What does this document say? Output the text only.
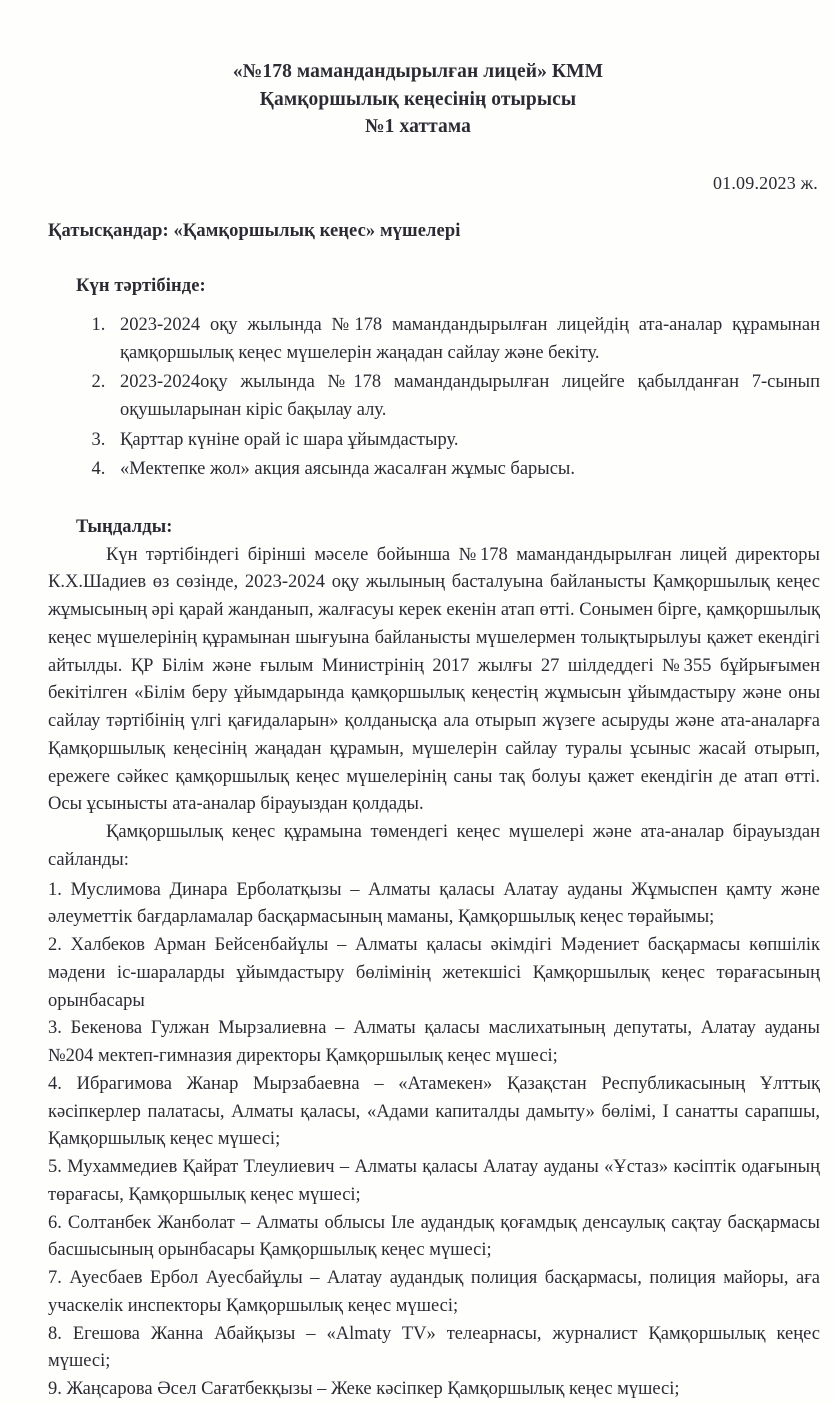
«№178 мамандандырылған лицей» КММ
Қамқоршылық кеңесінің отырысы
№1 хаттама
01.09.2023 ж.
Қатысқандар: «Қамқоршылық кеңес» мүшелері
Күн тәртібінде:
1. 2023-2024 оқу жылында №178 мамандандырылған лицейдің ата-аналар құрамынан қамқоршылық кеңес мүшелерін жаңадан сайлау және бекіту.
2. 2023-2024оқу жылында №178 мамандандырылған лицейге қабылданған 7-сынып оқушыларынан кіріс бақылау алу.
3. Қарттар күніне орай іс шара ұйымдастыру.
4. «Мектепке жол» акция аясында жасалған жұмыс барысы.
Тыңдалды:

Күн тәртібіндегі бірінші мәселе бойынша №178 мамандандырылған лицей директоры К.Х.Шадиев өз сөзінде, 2023-2024 оқу жылының басталуына байланысты Қамқоршылық кеңес жұмысының әрі қарай жанданып, жалғасуы керек екенін атап өтті. Сонымен бірге, қамқоршылық кеңес мүшелерінің құрамынан шығуына байланысты мүшелермен толықтырылуы қажет екендігі айтылды. ҚР Білім және ғылым Министрінің 2017 жылғы 27 шілдеддегі №355 бұйрығымен бекітілген «Білім беру ұйымдарында қамқоршылық кеңестің жұмысын ұйымдастыру және оны сайлау тәртібінің үлгі қағидаларын» қолданысқа ала отырып жүзеге асыруды және ата-аналарға Қамқоршылық кеңесінің жаңадан құрамын, мүшелерін сайлау туралы ұсыныс жасай отырып, ережеге сәйкес қамқоршылық кеңес мүшелерінің саны тақ болуы қажет екендігін де атап өтті. Осы ұсынысты ата-аналар бірауыздан қолдады.

Қамқоршылық кеңес құрамына төмендегі кеңес мүшелері және ата-аналар бірауыздан сайланды:

1. Муслимова Динара Ерболатқызы – Алматы қаласы Алатау ауданы Жұмыспен қамту және әлеуметтік бағдарламалар басқармасының маманы, Қамқоршылық кеңес төрайымы;

2. Халбеков Арман Бейсенбайұлы – Алматы қаласы әкімдігі Мәдениет басқармасы көпшілік мәдени іс-шараларды ұйымдастыру бөлімінің жетекшісі Қамқоршылық кеңес төрағасының орынбасары

3. Бекенова Гулжан Мырзалиевна – Алматы қаласы маслихатының депутаты, Алатау ауданы №204 мектеп-гимназия директоры Қамқоршылық кеңес мүшесі;

4. Ибрагимова Жанар Мырзабаевна – «Атамекен» Қазақстан Республикасының Ұлттық кәсіпкерлер палатасы, Алматы қаласы, «Адами капиталды дамыту» бөлімі, I санатты сарапшы, Қамқоршылық кеңес мүшесі;

5. Мухаммедиев Қайрат Тлеулиевич – Алматы қаласы Алатау ауданы «Ұстаз» кәсіптік одағының төрағасы, Қамқоршылық кеңес мүшесі;

6. Солтанбек Жанболат – Алматы облысы Іле аудандық қоғамдық денсаулық сақтау басқармасы басшысының орынбасары Қамқоршылық кеңес мүшесі;

7. Ауесбаев Ербол Ауесбайұлы – Алатау аудандық полиция басқармасы, полиция майоры, аға учаскелік инспекторы Қамқоршылық кеңес мүшесі;

8. Егешова Жанна Абайқызы – «Almaty TV» телеарнасы, журналист Қамқоршылық кеңес мүшесі;

9. Жаңсарова Әсел Сағатбекқызы – Жеке кәсіпкер Қамқоршылық кеңес мүшесі;
